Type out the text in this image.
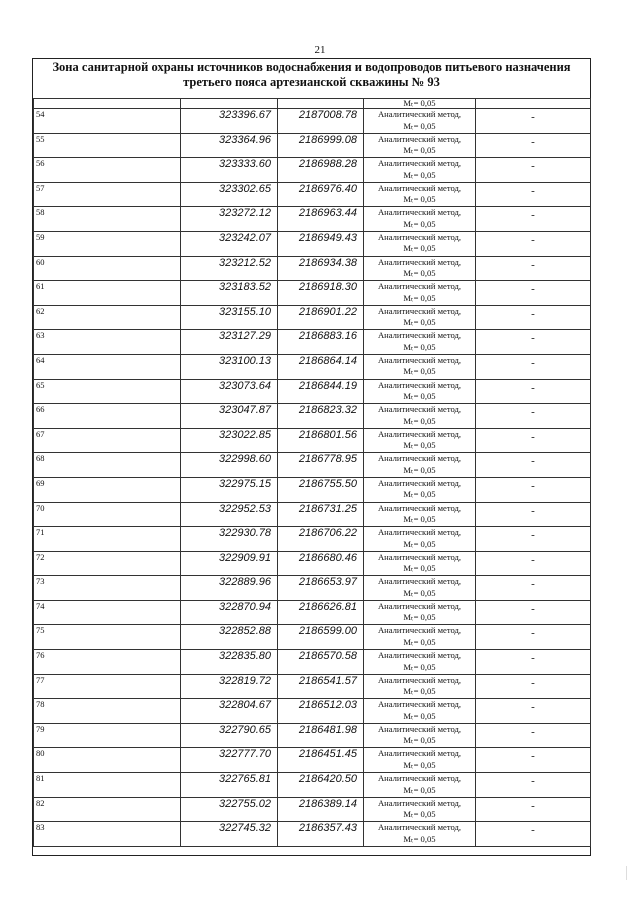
21
Зона санитарной охраны источников водоснабжения и водопроводов питьевого назначения
третьего пояса артезианской скважины № 93
			Mₜ= 0,05	
54	323396.67	2187008.78	Аналитический метод,
Mₜ= 0,05	-
55	323364.96	2186999.08	Аналитический метод,
Mₜ= 0,05	-
56	323333.60	2186988.28	Аналитический метод,
Mₜ= 0,05	-
57	323302.65	2186976.40	Аналитический метод,
Mₜ= 0,05	-
58	323272.12	2186963.44	Аналитический метод,
Mₜ= 0,05	-
59	323242.07	2186949.43	Аналитический метод,
Mₜ= 0,05	-
60	323212.52	2186934.38	Аналитический метод,
Mₜ= 0,05	-
61	323183.52	2186918.30	Аналитический метод,
Mₜ= 0,05	-
62	323155.10	2186901.22	Аналитический метод,
Mₜ= 0,05	-
63	323127.29	2186883.16	Аналитический метод,
Mₜ= 0,05	-
64	323100.13	2186864.14	Аналитический метод,
Mₜ= 0,05	-
65	323073.64	2186844.19	Аналитический метод,
Mₜ= 0,05	-
66	323047.87	2186823.32	Аналитический метод,
Mₜ= 0,05	-
67	323022.85	2186801.56	Аналитический метод,
Mₜ= 0,05	-
68	322998.60	2186778.95	Аналитический метод,
Mₜ= 0,05	-
69	322975.15	2186755.50	Аналитический метод,
Mₜ= 0,05	-
70	322952.53	2186731.25	Аналитический метод,
Mₜ= 0,05	-
71	322930.78	2186706.22	Аналитический метод,
Mₜ= 0,05	-
72	322909.91	2186680.46	Аналитический метод,
Mₜ= 0,05	-
73	322889.96	2186653.97	Аналитический метод,
Mₜ= 0,05	-
74	322870.94	2186626.81	Аналитический метод,
Mₜ= 0,05	-
75	322852.88	2186599.00	Аналитический метод,
Mₜ= 0,05	-
76	322835.80	2186570.58	Аналитический метод,
Mₜ= 0,05	-
77	322819.72	2186541.57	Аналитический метод,
Mₜ= 0,05	-
78	322804.67	2186512.03	Аналитический метод,
Mₜ= 0,05	-
79	322790.65	2186481.98	Аналитический метод,
Mₜ= 0,05	-
80	322777.70	2186451.45	Аналитический метод,
Mₜ= 0,05	-
81	322765.81	2186420.50	Аналитический метод,
Mₜ= 0,05	-
82	322755.02	2186389.14	Аналитический метод,
Mₜ= 0,05	-
83	322745.32	2186357.43	Аналитический метод,
Mₜ= 0,05	-
